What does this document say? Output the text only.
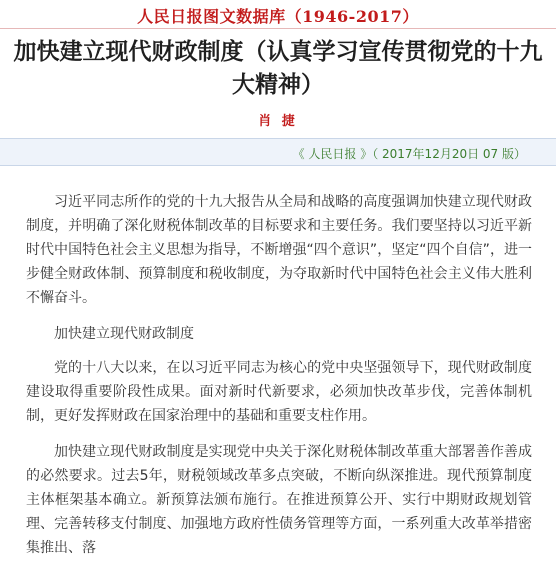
人民日报图文数据库（1946-2017）
加快建立现代财政制度（认真学习宣传贯彻党的十九大精神）
肖 捷
《 人民日报 》（ 2017年12月20日 07 版）

习近平同志所作的党的十九大报告从全局和战略的高度强调加快建立现代财政制度，并明确了深化财税体制改革的目标要求和主要任务。我们要坚持以习近平新时代中国特色社会主义思想为指导，不断增强“四个意识”，坚定“四个自信”，进一步健全财政体制、预算制度和税收制度，为夺取新时代中国特色社会主义伟大胜利不懈奋斗。

加快建立现代财政制度

党的十八大以来，在以习近平同志为核心的党中央坚强领导下，现代财政制度建设取得重要阶段性成果。面对新时代新要求，必须加快改革步伐，完善体制机制，更好发挥财政在国家治理中的基础和重要支柱作用。

加快建立现代财政制度是实现党中央关于深化财税体制改革重大部署善作善成的必然要求。过去5年，财税领域改革多点突破，不断向纵深推进。现代预算制度主体框架基本确立。新预算法颁布施行。在推进预算公开、实行中期财政规划管理、完善转移支付制度、加强地方政府性债务管理等方面，一系列重大改革举措密集推出、落
